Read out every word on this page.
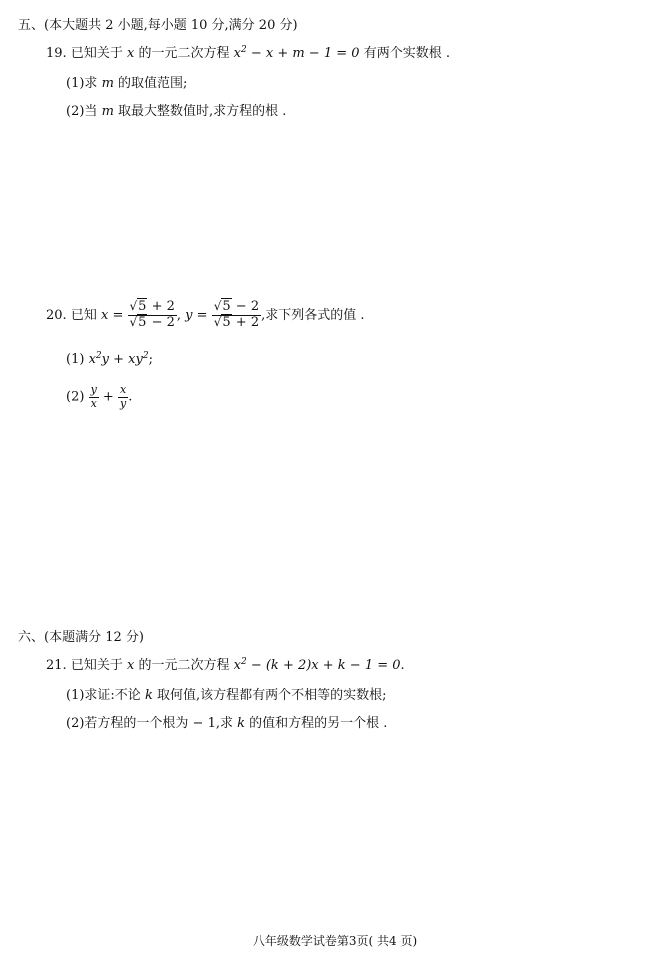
五、(本大题共 2 小题,每小题 10 分,满分 20 分)
19. 已知关于 x 的一元二次方程 $x^2 - x + m - 1 = 0$ 有两个实数根 .
(1)求 m 的取值范围;
(2)当 m 取最大整数值时,求方程的根 .
20. 已知 $x = \frac{√5 + 2}{√5 - 2}$ , $y = \frac{√5 - 2}{√5 + 2}$ ,求下列各式的值 .
(1) $x^2y + xy^2$;
$(2) \frac{y}{x} + \frac{x}{y}$ .
六、(本题满分 12 分)
21. 已知关于 x 的一元二次方程 $x^2 - (k + 2)x + k - 1 = 0$.
(1)求证:不论 k 取何值,该方程都有两个不相等的实数根;
(2)若方程的一个根为 − 1,求 k 的值和方程的另一个根 .
八年级数学试卷第3页( 共4 页)
